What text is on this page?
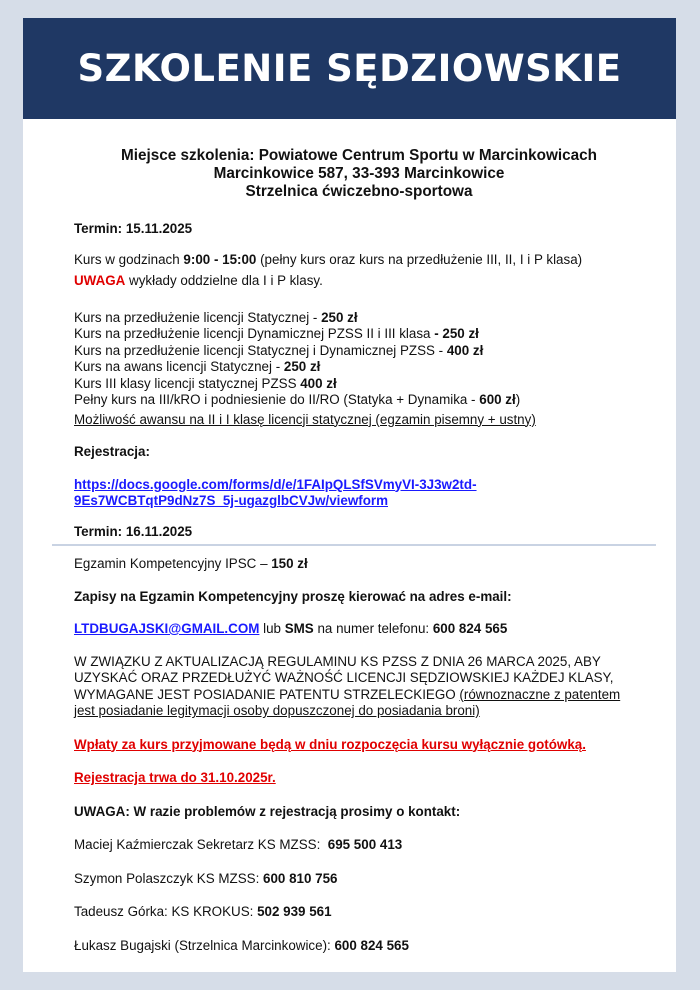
SZKOLENIE SĘDZIOWSKIE
Miejsce szkolenia: Powiatowe Centrum Sportu w Marcinkowicach
Marcinkowice 587, 33-393 Marcinkowice
Strzelnica ćwiczebno-sportowa

Termin: 15.11.2025

Kurs w godzinach 9:00 - 15:00 (pełny kurs oraz kurs na przedłużenie III, II, I i P klasa)

UWAGA wykłady oddzielne dla I i P klasy.

Kurs na przedłużenie licencji Statycznej - 250 zł

Kurs na przedłużenie licencji Dynamicznej PZSS II i III klasa - 250 zł

Kurs na przedłużenie licencji Statycznej i Dynamicznej PZSS - 400 zł

Kurs na awans licencji Statycznej - 250 zł

Kurs III klasy licencji statycznej PZSS 400 zł

Pełny kurs na III/kRO i podniesienie do II/RO (Statyka + Dynamika - 600 zł)

Możliwość awansu na II i I klasę licencji statycznej (egzamin pisemny + ustny)

Rejestracja:

https://docs.google.com/forms/d/e/1FAIpQLSfSVmyVI-3J3w2td-
9Es7WCBTqtP9dNz7S_5j-ugazglbCVJw/viewform

Termin: 16.11.2025

Egzamin Kompetencyjny IPSC – 150 zł

Zapisy na Egzamin Kompetencyjny proszę kierować na adres e-mail:

LTDBUGAJSKI@GMAIL.COM lub SMS na numer telefonu: 600 824 565

W ZWIĄZKU Z AKTUALIZACJĄ REGULAMINU KS PZSS Z DNIA 26 MARCA 2025, ABY UZYSKAĆ ORAZ PRZEDŁUŻYĆ WAŻNOŚĆ LICENCJI SĘDZIOWSKIEJ KAŻDEJ KLASY, WYMAGANE JEST POSIADANIE PATENTU STRZELECKIEGO (równoznaczne z patentem jest posiadanie legitymacji osoby dopuszczonej do posiadania broni)

Wpłaty za kurs przyjmowane będą w dniu rozpoczęcia kursu wyłącznie gotówką.

Rejestracja trwa do 31.10.2025r.

UWAGA: W razie problemów z rejestracją prosimy o kontakt:

Maciej Kaźmierczak Sekretarz KS MZSS:  695 500 413

Szymon Polaszczyk KS MZSS: 600 810 756

Tadeusz Górka: KS KROKUS: 502 939 561

Łukasz Bugajski (Strzelnica Marcinkowice): 600 824 565
